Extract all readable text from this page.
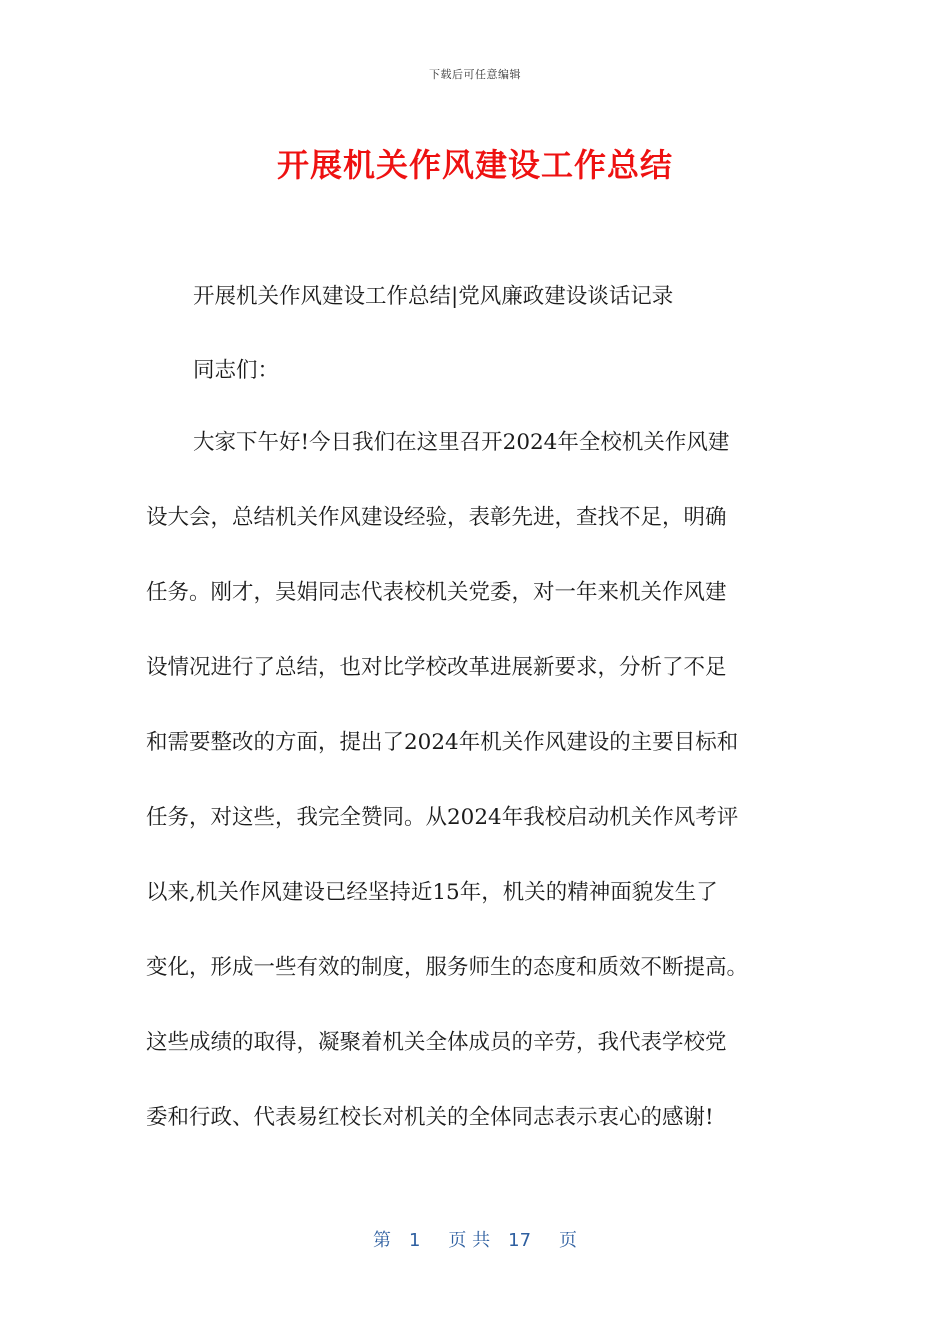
下载后可任意编辑
开展机关作风建设工作总结
开展机关作风建设工作总结|党风廉政建设谈话记录
同志们：
大家下午好!今日我们在这里召开2024年全校机关作风建
设大会，总结机关作风建设经验，表彰先进，查找不足，明确
任务。刚才，吴娟同志代表校机关党委，对一年来机关作风建
设情况进行了总结，也对比学校改革进展新要求，分析了不足
和需要整改的方面，提出了2024年机关作风建设的主要目标和
任务，对这些，我完全赞同。从2024年我校启动机关作风考评
以来,机关作风建设已经坚持近15年，机关的精神面貌发生了
变化，形成一些有效的制度，服务师生的态度和质效不断提高。
这些成绩的取得，凝聚着机关全体成员的辛劳，我代表学校党
委和行政、代表易红校长对机关的全体同志表示衷心的感谢!
第 1 页 共 17 页
